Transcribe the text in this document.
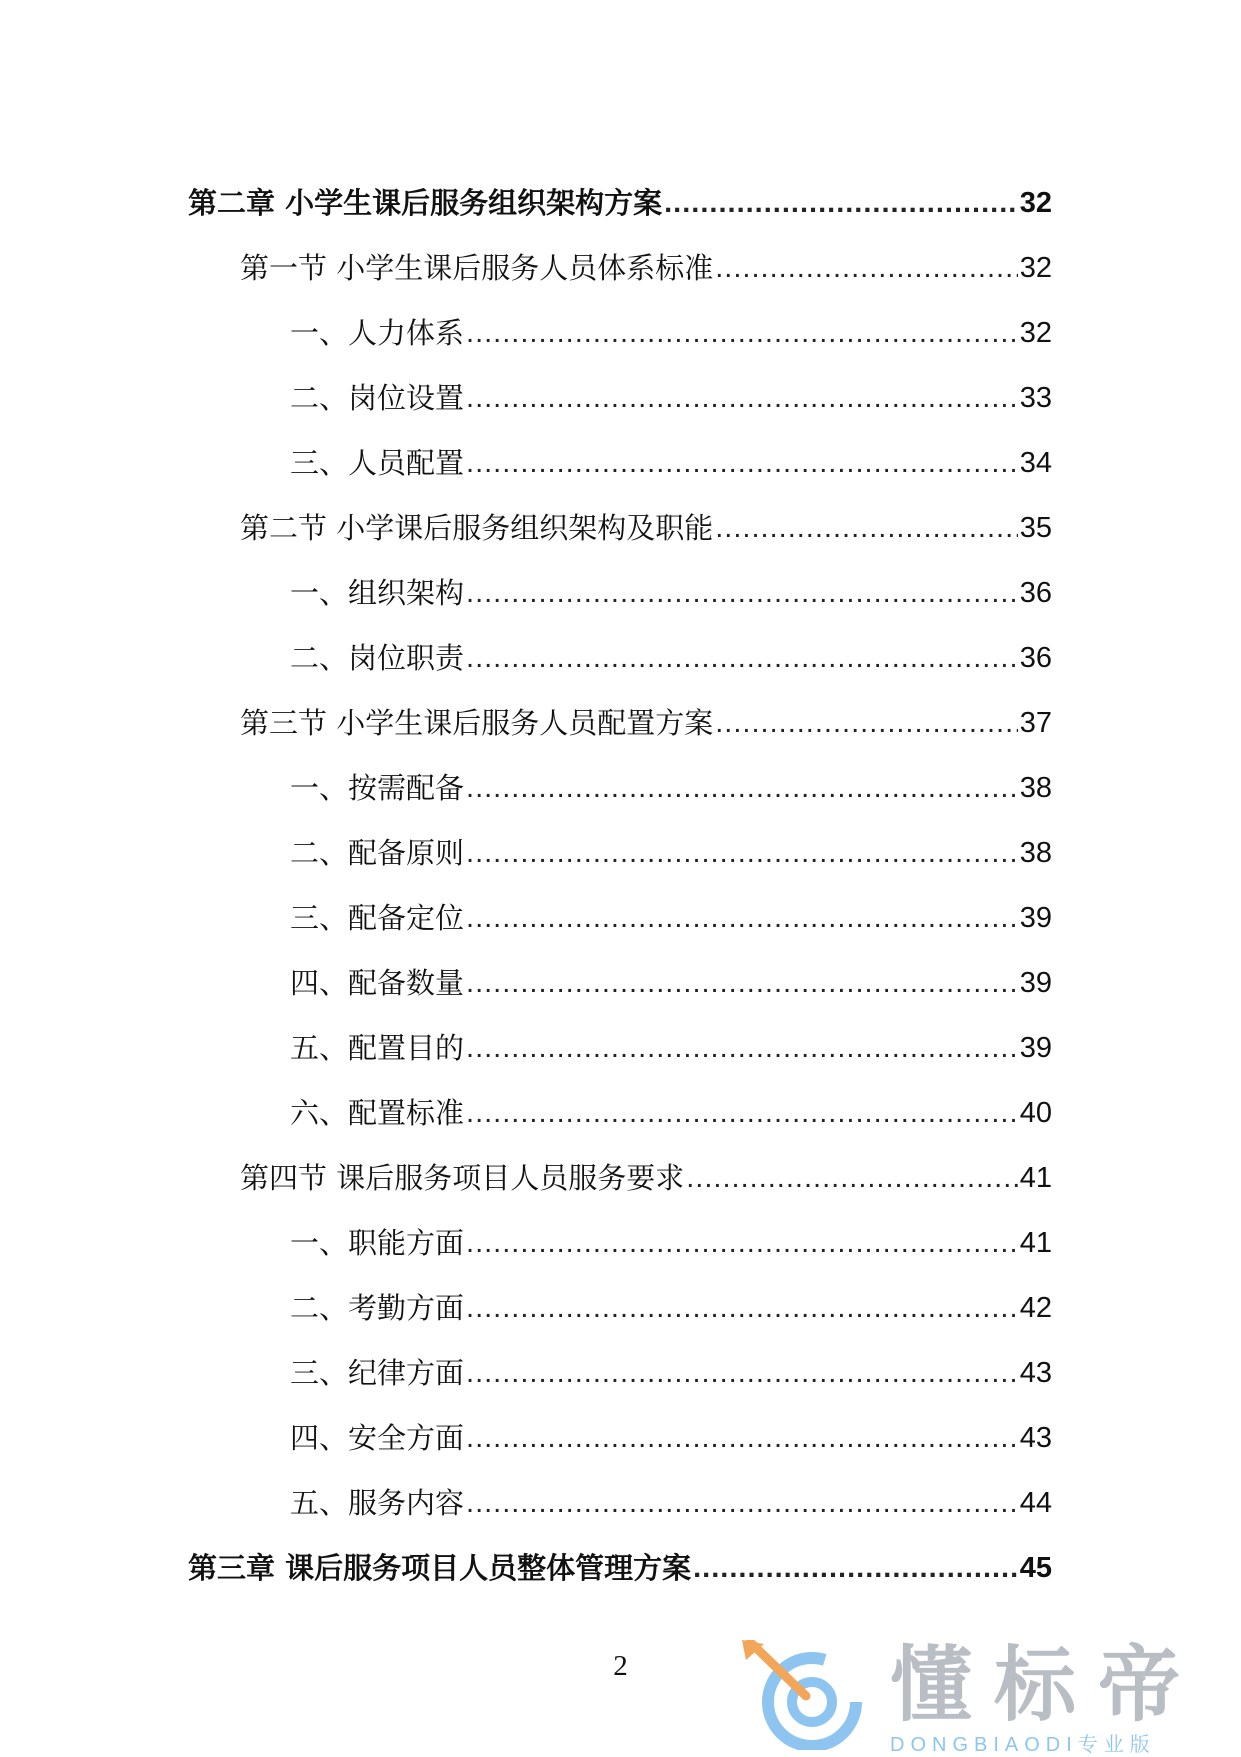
第二章 小学生课后服务组织架构方案 .....	32
第一节 小学生课后服务人员体系标准 .....	32
一、人力体系 .....	32
二、岗位设置 .....	33
三、人员配置 .....	34
第二节 小学课后服务组织架构及职能 .....	35
一、组织架构 .....	36
二、岗位职责 .....	36
第三节 小学生课后服务人员配置方案 .....	37
一、按需配备 .....	38
二、配备原则 .....	38
三、配备定位 .....	39
四、配备数量 .....	39
五、配置目的 .....	39
六、配置标准 .....	40
第四节 课后服务项目人员服务要求 .....	41
一、职能方面 .....	41
二、考勤方面 .....	42
三、纪律方面 .....	43
四、安全方面 .....	43
五、服务内容 .....	44
第三章 课后服务项目人员整体管理方案 .....	45
2	懂标帝
DONGBIAODI专业版
